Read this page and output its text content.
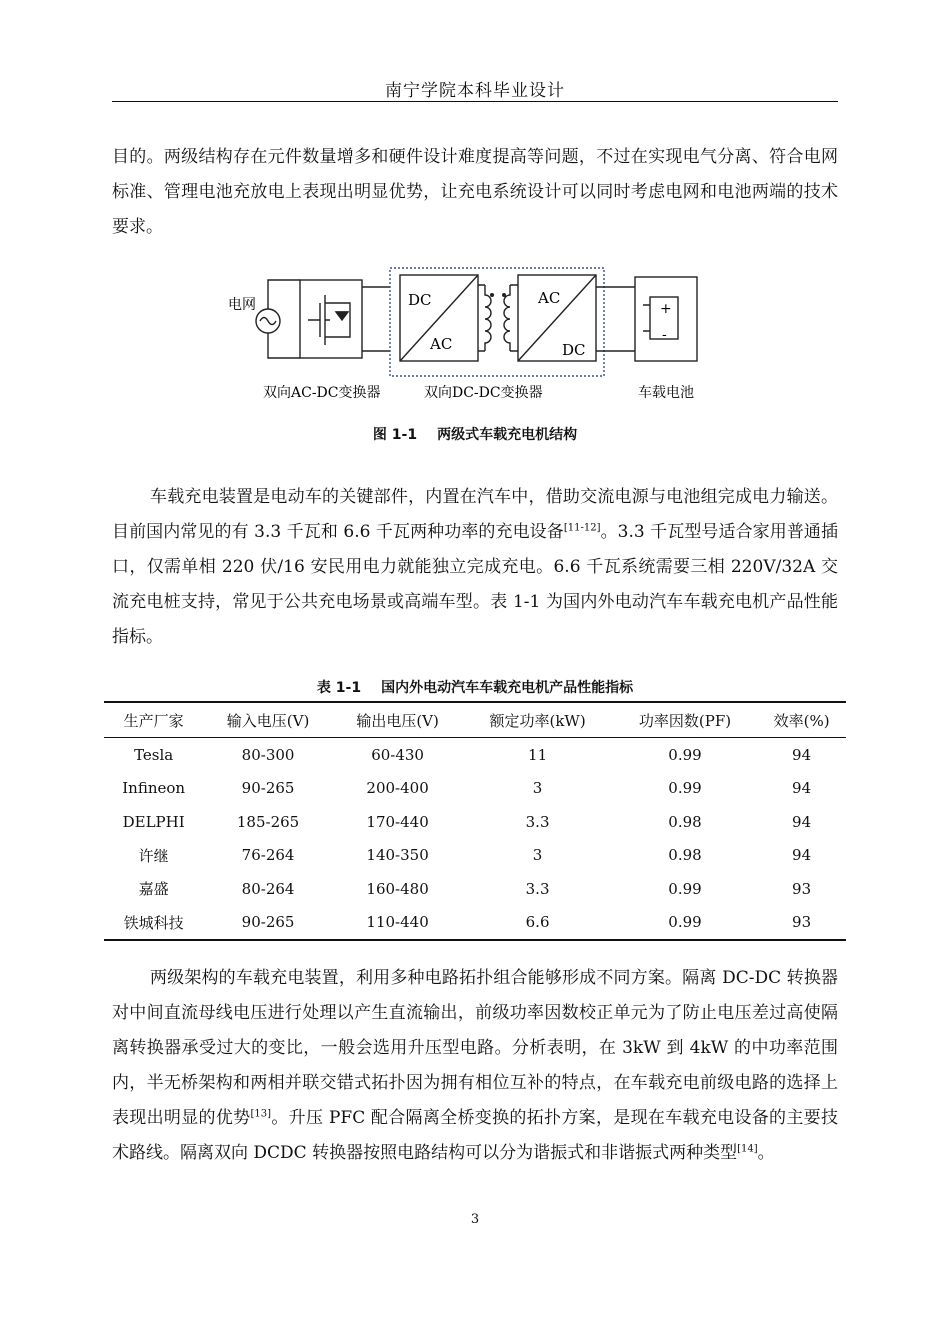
南宁学院本科毕业设计

目的。两级结构存在元件数量增多和硬件设计难度提高等问题，不过在实现电气分离、符合电网标准、管理电池充放电上表现出明显优势，让充电系统设计可以同时考虑电网和电池两端的技术要求。

电网	DC
AC
AC
DC
+
-
双向AC-DC变换器	双向DC-DC变换器	车载电池
图 1-1 两级式车载充电机结构

车载充电装置是电动车的关键部件，内置在汽车中，借助交流电源与电池组完成电力输送。目前国内常见的有 3.3 千瓦和 6.6 千瓦两种功率的充电设备[11-12]。3.3 千瓦型号适合家用普通插口，仅需单相 220 伏/16 安民用电力就能独立完成充电。6.6 千瓦系统需要三相 220V/32A 交流充电桩支持，常见于公共充电场景或高端车型。表 1-1 为国内外电动汽车车载充电机产品性能指标。

表 1-1 国内外电动汽车车载充电机产品性能指标
生产厂家	输入电压(V)	输出电压(V)	额定功率(kW)	功率因数(PF)	效率(%)
Tesla	80-300	60-430	11	0.99	94
Infineon	90-265	200-400	3	0.99	94
DELPHI	185-265	170-440	3.3	0.98	94
许继	76-264	140-350	3	0.98	94
嘉盛	80-264	160-480	3.3	0.99	93
铁城科技	90-265	110-440	6.6	0.99	93

两级架构的车载充电装置，利用多种电路拓扑组合能够形成不同方案。隔离 DC-DC 转换器对中间直流母线电压进行处理以产生直流输出，前级功率因数校正单元为了防止电压差过高使隔离转换器承受过大的变比，一般会选用升压型电路。分析表明，在 3kW 到 4kW 的中功率范围内，半无桥架构和两相并联交错式拓扑因为拥有相位互补的特点，在车载充电前级电路的选择上表现出明显的优势[13]。升压 PFC 配合隔离全桥变换的拓扑方案，是现在车载充电设备的主要技术路线。隔离双向 DCDC 转换器按照电路结构可以分为谐振式和非谐振式两种类型[14]。

3
